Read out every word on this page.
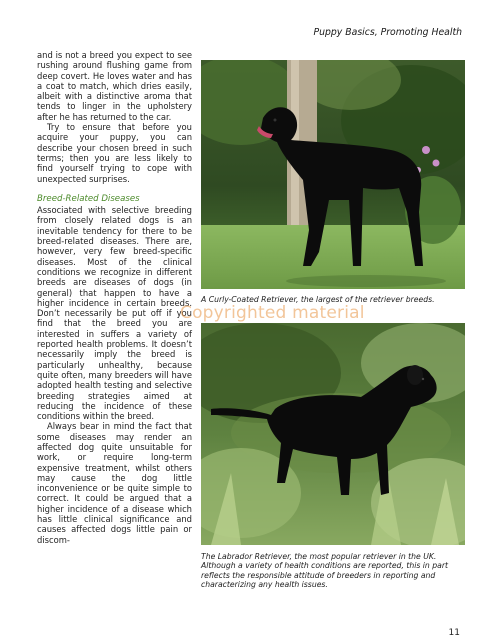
Puppy Basics, Promoting Health

and is not a breed you expect to see rushing around flushing game from deep covert. He loves water and has a coat to match, which dries easily, albeit with a distinctive aroma that tends to linger in the upholstery after he has returned to the car.

Try to ensure that before you acquire your puppy, you can describe your chosen breed in such terms; then you are less likely to find yourself trying to cope with unexpected surprises.

Breed-Related Diseases

Associated with selective breeding from closely related dogs is an inevitable tendency for there to be breed-related diseases. There are, however, very few breed-specific diseases. Most of the clinical conditions we recognize in different breeds are diseases of dogs (in general) that happen to have a higher incidence in certain breeds. Don’t necessarily be put off if you find that the breed you are interested in suffers a variety of reported health problems. It doesn’t necessarily imply the breed is particularly unhealthy, because quite often, many breeders will have adopted health testing and selective breeding strategies aimed at reducing the incidence of these conditions within the breed.

Always bear in mind the fact that some diseases may render an affected dog quite unsuitable for work, or require long-term expensive treatment, whilst others may cause the dog little inconvenience or be quite simple to correct. It could be argued that a higher incidence of a disease which has little clinical significance and causes affected dogs little pain or discom-

A Curly-Coated Retriever, the largest of the retriever breeds.
Copyrighted material
The Labrador Retriever, the most popular retriever in the UK. Although a variety of health conditions are reported, this in part reflects the responsible attitude of breeders in reporting and characterizing any health issues.
11
